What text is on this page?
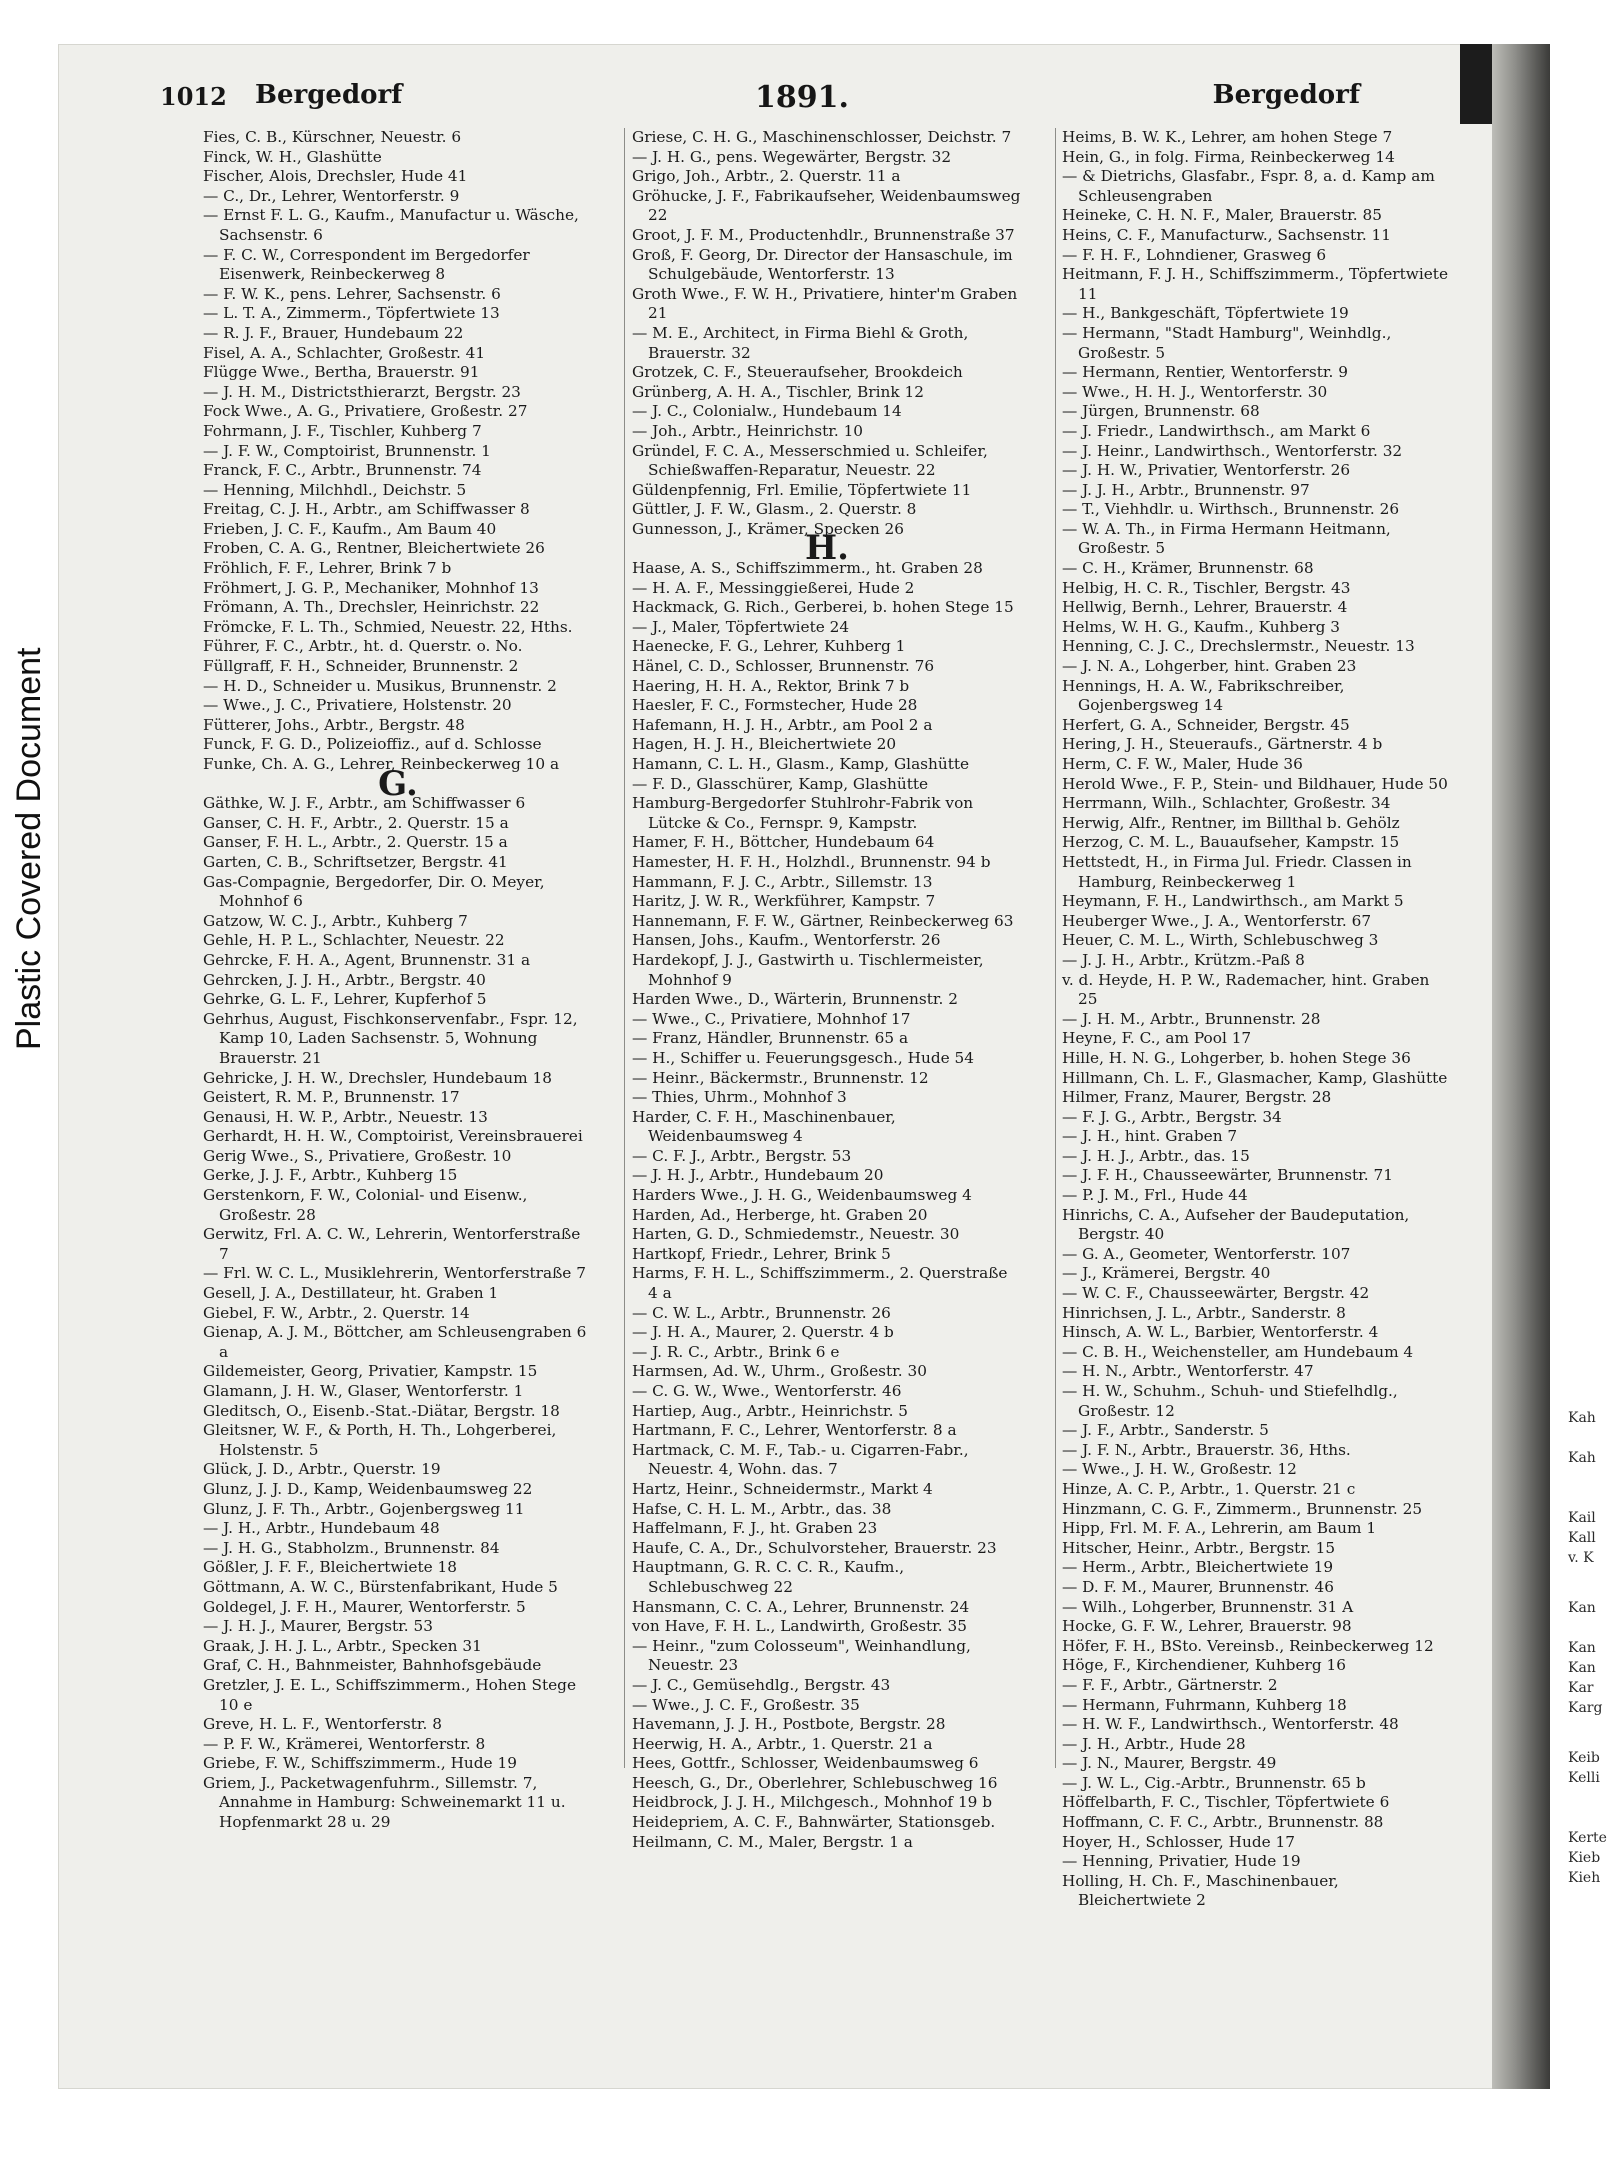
Plastic Covered Document
1012 Bergedorf	1891.	Bergedorf

Fies, C. B., Kürschner, Neuestr. 6

Finck, W. H., Glashütte

Fischer, Alois, Drechsler, Hude 41

— C., Dr., Lehrer, Wentorferstr. 9

— Ernst F. L. G., Kaufm., Manufactur u. Wäsche, Sachsenstr. 6

— F. C. W., Correspondent im Bergedorfer Eisenwerk, Reinbeckerweg 8

— F. W. K., pens. Lehrer, Sachsenstr. 6

— L. T. A., Zimmerm., Töpfertwiete 13

— R. J. F., Brauer, Hundebaum 22

Fisel, A. A., Schlachter, Großestr. 41

Flügge Wwe., Bertha, Brauerstr. 91

— J. H. M., Districtsthierarzt, Bergstr. 23

Fock Wwe., A. G., Privatiere, Großestr. 27

Fohrmann, J. F., Tischler, Kuhberg 7

— J. F. W., Comptoirist, Brunnenstr. 1

Franck, F. C., Arbtr., Brunnenstr. 74

— Henning, Milchhdl., Deichstr. 5

Freitag, C. J. H., Arbtr., am Schiffwasser 8

Frieben, J. C. F., Kaufm., Am Baum 40

Froben, C. A. G., Rentner, Bleichertwiete 26

Fröhlich, F. F., Lehrer, Brink 7 b

Fröhmert, J. G. P., Mechaniker, Mohnhof 13

Frömann, A. Th., Drechsler, Heinrichstr. 22

Frömcke, F. L. Th., Schmied, Neuestr. 22, Hths.

Führer, F. C., Arbtr., ht. d. Querstr. o. No.

Füllgraff, F. H., Schneider, Brunnenstr. 2

— H. D., Schneider u. Musikus, Brunnenstr. 2

— Wwe., J. C., Privatiere, Holstenstr. 20

Fütterer, Johs., Arbtr., Bergstr. 48

Funck, F. G. D., Polizeioffiz., auf d. Schlosse

Funke, Ch. A. G., Lehrer, Reinbeckerweg 10 a

G.

Gäthke, W. J. F., Arbtr., am Schiffwasser 6

Ganser, C. H. F., Arbtr., 2. Querstr. 15 a

Ganser, F. H. L., Arbtr., 2. Querstr. 15 a

Garten, C. B., Schriftsetzer, Bergstr. 41

Gas-Compagnie, Bergedorfer, Dir. O. Meyer, Mohnhof 6

Gatzow, W. C. J., Arbtr., Kuhberg 7

Gehle, H. P. L., Schlachter, Neuestr. 22

Gehrcke, F. H. A., Agent, Brunnenstr. 31 a

Gehrcken, J. J. H., Arbtr., Bergstr. 40

Gehrke, G. L. F., Lehrer, Kupferhof 5

Gehrhus, August, Fischkonservenfabr., Fspr. 12, Kamp 10, Laden Sachsenstr. 5, Wohnung Brauerstr. 21

Gehricke, J. H. W., Drechsler, Hundebaum 18

Geistert, R. M. P., Brunnenstr. 17

Genausi, H. W. P., Arbtr., Neuestr. 13

Gerhardt, H. H. W., Comptoirist, Vereinsbrauerei

Gerig Wwe., S., Privatiere, Großestr. 10

Gerke, J. J. F., Arbtr., Kuhberg 15

Gerstenkorn, F. W., Colonial- und Eisenw., Großestr. 28

Gerwitz, Frl. A. C. W., Lehrerin, Wentorferstraße 7

— Frl. W. C. L., Musiklehrerin, Wentorferstraße 7

Gesell, J. A., Destillateur, ht. Graben 1

Giebel, F. W., Arbtr., 2. Querstr. 14

Gienap, A. J. M., Böttcher, am Schleusengraben 6 a

Gildemeister, Georg, Privatier, Kampstr. 15

Glamann, J. H. W., Glaser, Wentorferstr. 1

Gleditsch, O., Eisenb.-Stat.-Diätar, Bergstr. 18

Gleitsner, W. F., & Porth, H. Th., Lohgerberei, Holstenstr. 5

Glück, J. D., Arbtr., Querstr. 19

Glunz, J. J. D., Kamp, Weidenbaumsweg 22

Glunz, J. F. Th., Arbtr., Gojenbergsweg 11

— J. H., Arbtr., Hundebaum 48

— J. H. G., Stabholzm., Brunnenstr. 84

Gößler, J. F. F., Bleichertwiete 18

Göttmann, A. W. C., Bürstenfabrikant, Hude 5

Goldegel, J. F. H., Maurer, Wentorferstr. 5

— J. H. J., Maurer, Bergstr. 53

Graak, J. H. J. L., Arbtr., Specken 31

Graf, C. H., Bahnmeister, Bahnhofsgebäude

Gretzler, J. E. L., Schiffszimmerm., Hohen Stege 10 e

Greve, H. L. F., Wentorferstr. 8

— P. F. W., Krämerei, Wentorferstr. 8

Griebe, F. W., Schiffszimmerm., Hude 19

Griem, J., Packetwagenfuhrm., Sillemstr. 7, Annahme in Hamburg: Schweinemarkt 11 u. Hopfenmarkt 28 u. 29

Griese, C. H. G., Maschinenschlosser, Deichstr. 7

— J. H. G., pens. Wegewärter, Bergstr. 32

Grigo, Joh., Arbtr., 2. Querstr. 11 a

Gröhucke, J. F., Fabrikaufseher, Weidenbaumsweg 22

Groot, J. F. M., Productenhdlr., Brunnenstraße 37

Groß, F. Georg, Dr. Director der Hansaschule, im Schulgebäude, Wentorferstr. 13

Groth Wwe., F. W. H., Privatiere, hinter'm Graben 21

— M. E., Architect, in Firma Biehl & Groth, Brauerstr. 32

Grotzek, C. F., Steueraufseher, Brookdeich

Grünberg, A. H. A., Tischler, Brink 12

— J. C., Colonialw., Hundebaum 14

— Joh., Arbtr., Heinrichstr. 10

Gründel, F. C. A., Messerschmied u. Schleifer, Schießwaffen-Reparatur, Neuestr. 22

Güldenpfennig, Frl. Emilie, Töpfertwiete 11

Güttler, J. F. W., Glasm., 2. Querstr. 8

Gunnesson, J., Krämer, Specken 26

H.

Haase, A. S., Schiffszimmerm., ht. Graben 28

— H. A. F., Messinggießerei, Hude 2

Hackmack, G. Rich., Gerberei, b. hohen Stege 15

— J., Maler, Töpfertwiete 24

Haenecke, F. G., Lehrer, Kuhberg 1

Hänel, C. D., Schlosser, Brunnenstr. 76

Haering, H. H. A., Rektor, Brink 7 b

Haesler, F. C., Formstecher, Hude 28

Hafemann, H. J. H., Arbtr., am Pool 2 a

Hagen, H. J. H., Bleichertwiete 20

Hamann, C. L. H., Glasm., Kamp, Glashütte

— F. D., Glasschürer, Kamp, Glashütte

Hamburg-Bergedorfer Stuhlrohr-Fabrik von Lütcke & Co., Fernspr. 9, Kampstr.

Hamer, F. H., Böttcher, Hundebaum 64

Hamester, H. F. H., Holzhdl., Brunnenstr. 94 b

Hammann, F. J. C., Arbtr., Sillemstr. 13

Haritz, J. W. R., Werkführer, Kampstr. 7

Hannemann, F. F. W., Gärtner, Reinbeckerweg 63

Hansen, Johs., Kaufm., Wentorferstr. 26

Hardekopf, J. J., Gastwirth u. Tischlermeister, Mohnhof 9

Harden Wwe., D., Wärterin, Brunnenstr. 2

— Wwe., C., Privatiere, Mohnhof 17

— Franz, Händler, Brunnenstr. 65 a

— H., Schiffer u. Feuerungsgesch., Hude 54

— Heinr., Bäckermstr., Brunnenstr. 12

— Thies, Uhrm., Mohnhof 3

Harder, C. F. H., Maschinenbauer, Weidenbaumsweg 4

— C. F. J., Arbtr., Bergstr. 53

— J. H. J., Arbtr., Hundebaum 20

Harders Wwe., J. H. G., Weidenbaumsweg 4

Harden, Ad., Herberge, ht. Graben 20

Harten, G. D., Schmiedemstr., Neuestr. 30

Hartkopf, Friedr., Lehrer, Brink 5

Harms, F. H. L., Schiffszimmerm., 2. Querstraße 4 a

— C. W. L., Arbtr., Brunnenstr. 26

— J. H. A., Maurer, 2. Querstr. 4 b

— J. R. C., Arbtr., Brink 6 e

Harmsen, Ad. W., Uhrm., Großestr. 30

— C. G. W., Wwe., Wentorferstr. 46

Hartiep, Aug., Arbtr., Heinrichstr. 5

Hartmann, F. C., Lehrer, Wentorferstr. 8 a

Hartmack, C. M. F., Tab.- u. Cigarren-Fabr., Neuestr. 4, Wohn. das. 7

Hartz, Heinr., Schneidermstr., Markt 4

Hafse, C. H. L. M., Arbtr., das. 38

Haffelmann, F. J., ht. Graben 23

Haufe, C. A., Dr., Schulvorsteher, Brauerstr. 23

Hauptmann, G. R. C. C. R., Kaufm., Schlebuschweg 22

Hansmann, C. C. A., Lehrer, Brunnenstr. 24

von Have, F. H. L., Landwirth, Großestr. 35

— Heinr., "zum Colosseum", Weinhandlung, Neuestr. 23

— J. C., Gemüsehdlg., Bergstr. 43

— Wwe., J. C. F., Großestr. 35

Havemann, J. J. H., Postbote, Bergstr. 28

Heerwig, H. A., Arbtr., 1. Querstr. 21 a

Hees, Gottfr., Schlosser, Weidenbaumsweg 6

Heesch, G., Dr., Oberlehrer, Schlebuschweg 16

Heidbrock, J. J. H., Milchgesch., Mohnhof 19 b

Heidepriem, A. C. F., Bahnwärter, Stationsgeb.

Heilmann, C. M., Maler, Bergstr. 1 a

Heims, B. W. K., Lehrer, am hohen Stege 7

Hein, G., in folg. Firma, Reinbeckerweg 14

— & Dietrichs, Glasfabr., Fspr. 8, a. d. Kamp am Schleusengraben

Heineke, C. H. N. F., Maler, Brauerstr. 85

Heins, C. F., Manufacturw., Sachsenstr. 11

— F. H. F., Lohndiener, Grasweg 6

Heitmann, F. J. H., Schiffszimmerm., Töpfertwiete 11

— H., Bankgeschäft, Töpfertwiete 19

— Hermann, "Stadt Hamburg", Weinhdlg., Großestr. 5

— Hermann, Rentier, Wentorferstr. 9

— Wwe., H. H. J., Wentorferstr. 30

— Jürgen, Brunnenstr. 68

— J. Friedr., Landwirthsch., am Markt 6

— J. Heinr., Landwirthsch., Wentorferstr. 32

— J. H. W., Privatier, Wentorferstr. 26

— J. J. H., Arbtr., Brunnenstr. 97

— T., Viehhdlr. u. Wirthsch., Brunnenstr. 26

— W. A. Th., in Firma Hermann Heitmann, Großestr. 5

— C. H., Krämer, Brunnenstr. 68

Helbig, H. C. R., Tischler, Bergstr. 43

Hellwig, Bernh., Lehrer, Brauerstr. 4

Helms, W. H. G., Kaufm., Kuhberg 3

Henning, C. J. C., Drechslermstr., Neuestr. 13

— J. N. A., Lohgerber, hint. Graben 23

Hennings, H. A. W., Fabrikschreiber, Gojenbergsweg 14

Herfert, G. A., Schneider, Bergstr. 45

Hering, J. H., Steueraufs., Gärtnerstr. 4 b

Herm, C. F. W., Maler, Hude 36

Herold Wwe., F. P., Stein- und Bildhauer, Hude 50

Herrmann, Wilh., Schlachter, Großestr. 34

Herwig, Alfr., Rentner, im Billthal b. Gehölz

Herzog, C. M. L., Bauaufseher, Kampstr. 15

Hettstedt, H., in Firma Jul. Friedr. Classen in Hamburg, Reinbeckerweg 1

Heymann, F. H., Landwirthsch., am Markt 5

Heuberger Wwe., J. A., Wentorferstr. 67

Heuer, C. M. L., Wirth, Schlebuschweg 3

— J. J. H., Arbtr., Krützm.-Paß 8

v. d. Heyde, H. P. W., Rademacher, hint. Graben 25

— J. H. M., Arbtr., Brunnenstr. 28

Heyne, F. C., am Pool 17

Hille, H. N. G., Lohgerber, b. hohen Stege 36

Hillmann, Ch. L. F., Glasmacher, Kamp, Glashütte

Hilmer, Franz, Maurer, Bergstr. 28

— F. J. G., Arbtr., Bergstr. 34

— J. H., hint. Graben 7

— J. H. J., Arbtr., das. 15

— J. F. H., Chausseewärter, Brunnenstr. 71

— P. J. M., Frl., Hude 44

Hinrichs, C. A., Aufseher der Baudeputation, Bergstr. 40

— G. A., Geometer, Wentorferstr. 107

— J., Krämerei, Bergstr. 40

— W. C. F., Chausseewärter, Bergstr. 42

Hinrichsen, J. L., Arbtr., Sanderstr. 8

Hinsch, A. W. L., Barbier, Wentorferstr. 4

— C. B. H., Weichensteller, am Hundebaum 4

— H. N., Arbtr., Wentorferstr. 47

— H. W., Schuhm., Schuh- und Stiefelhdlg., Großestr. 12

— J. F., Arbtr., Sanderstr. 5

— J. F. N., Arbtr., Brauerstr. 36, Hths.

— Wwe., J. H. W., Großestr. 12

Hinze, A. C. P., Arbtr., 1. Querstr. 21 c

Hinzmann, C. G. F., Zimmerm., Brunnenstr. 25

Hipp, Frl. M. F. A., Lehrerin, am Baum 1

Hitscher, Heinr., Arbtr., Bergstr. 15

— Herm., Arbtr., Bleichertwiete 19

— D. F. M., Maurer, Brunnenstr. 46

— Wilh., Lohgerber, Brunnenstr. 31 A

Hocke, G. F. W., Lehrer, Brauerstr. 98

Höfer, F. H., BSto. Vereinsb., Reinbeckerweg 12

Höge, F., Kirchendiener, Kuhberg 16

— F. F., Arbtr., Gärtnerstr. 2

— Hermann, Fuhrmann, Kuhberg 18

— H. W. F., Landwirthsch., Wentorferstr. 48

— J. H., Arbtr., Hude 28

— J. N., Maurer, Bergstr. 49

— J. W. L., Cig.-Arbtr., Brunnenstr. 65 b

Höffelbarth, F. C., Tischler, Töpfertwiete 6

Hoffmann, C. F. C., Arbtr., Brunnenstr. 88

Hoyer, H., Schlosser, Hude 17

— Henning, Privatier, Hude 19

Holling, H. Ch. F., Maschinenbauer, Bleichertwiete 2

Kah
Kah
Kail
Kall
v. K
Kan
Kan
Kan
Kar
Karg
Keib
Kelli
Kerte
Kieb
Kieh
